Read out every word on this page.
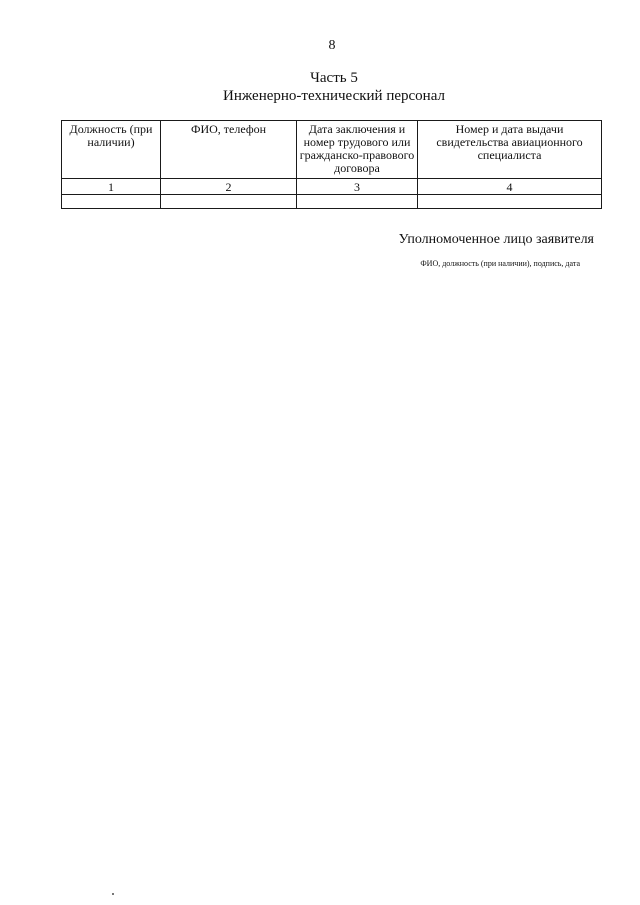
8
Часть 5
Инженерно-технический персонал
Должность (при наличии)	ФИО, телефон	Дата заключения и номер трудового или гражданско-правового договора	Номер и дата выдачи свидетельства авиационного специалиста
1	2	3	4

Уполномоченное лицо заявителя
ФИО, должность (при наличии), подпись, дата
